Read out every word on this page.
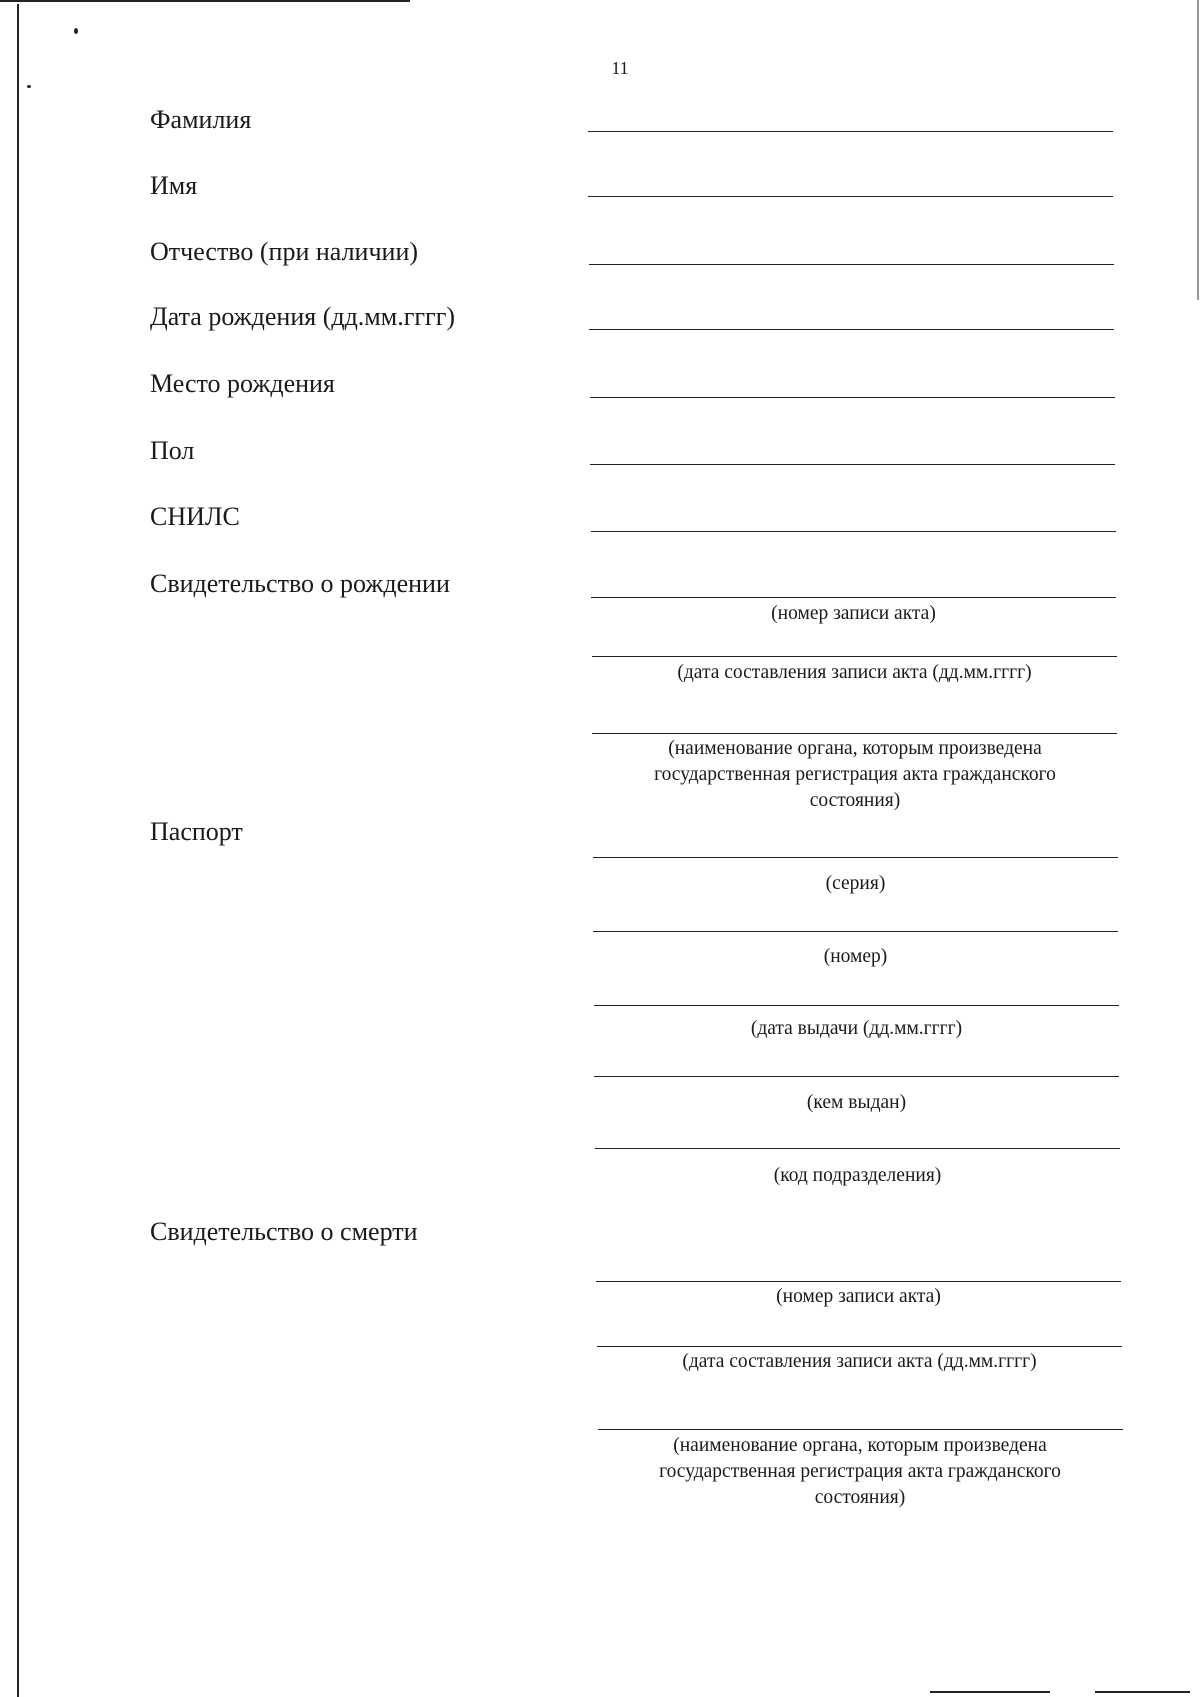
11
Фамилия
Имя
Отчество (при наличии)
Дата рождения (дд.мм.гггг)
Место рождения
Пол
СНИЛС
Свидетельство о рождении
(номер записи акта)
(дата составления записи акта (дд.мм.гггг)
(наименование органа, которым произведена государственная регистрация акта гражданского состояния)
Паспорт
(серия)
(номер)
(дата выдачи (дд.мм.гггг)
(кем выдан)
(код подразделения)
Свидетельство о смерти
(номер записи акта)
(дата составления записи акта (дд.мм.гггг)
(наименование органа, которым произведена государственная регистрация акта гражданского состояния)
